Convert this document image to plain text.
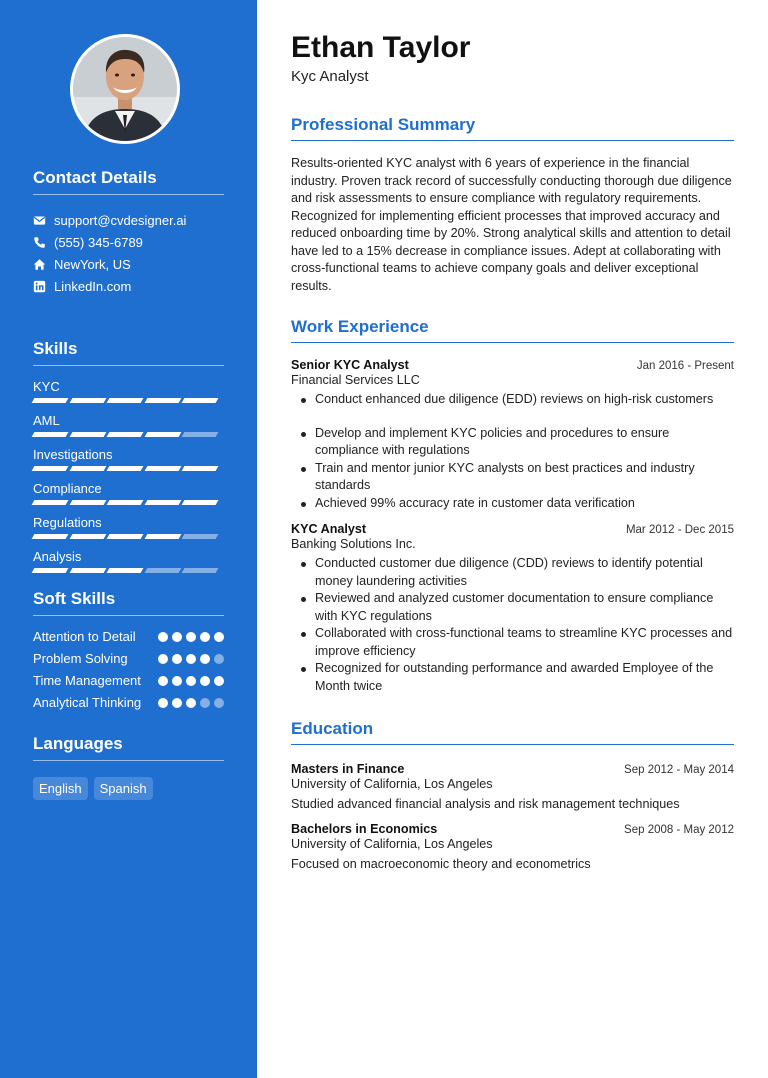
Contact Details
support@cvdesigner.ai
(555) 345-6789
NewYork, US
LinkedIn.com
Skills
KYC
AML
Investigations
Compliance
Regulations
Analysis
Soft Skills
Attention to Detail
Problem Solving
Time Management
Analytical Thinking
Languages
English	Spanish
Ethan Taylor
Kyc Analyst
Professional Summary

Results-oriented KYC analyst with 6 years of experience in the financial industry. Proven track record of successfully conducting thorough due diligence and risk assessments to ensure compliance with regulatory requirements. Recognized for implementing efficient processes that improved accuracy and reduced onboarding time by 20%. Strong analytical skills and attention to detail have led to a 15% decrease in compliance issues. Adept at collaborating with cross-functional teams to achieve company goals and deliver exceptional results.

Work Experience
Senior KYC Analyst	Jan 2016 - Present
Financial Services LLC
Conduct enhanced due diligence (EDD) reviews on high-risk customers
Develop and implement KYC policies and procedures to ensure compliance with regulations
Train and mentor junior KYC analysts on best practices and industry standards
Achieved 99% accuracy rate in customer data verification
KYC Analyst	Mar 2012 - Dec 2015
Banking Solutions Inc.
Conducted customer due diligence (CDD) reviews to identify potential money laundering activities
Reviewed and analyzed customer documentation to ensure compliance with KYC regulations
Collaborated with cross-functional teams to streamline KYC processes and improve efficiency
Recognized for outstanding performance and awarded Employee of the Month twice
Education
Masters in Finance	Sep 2012 - May 2014
University of California, Los Angeles
Studied advanced financial analysis and risk management techniques
Bachelors in Economics	Sep 2008 - May 2012
University of California, Los Angeles
Focused on macroeconomic theory and econometrics
